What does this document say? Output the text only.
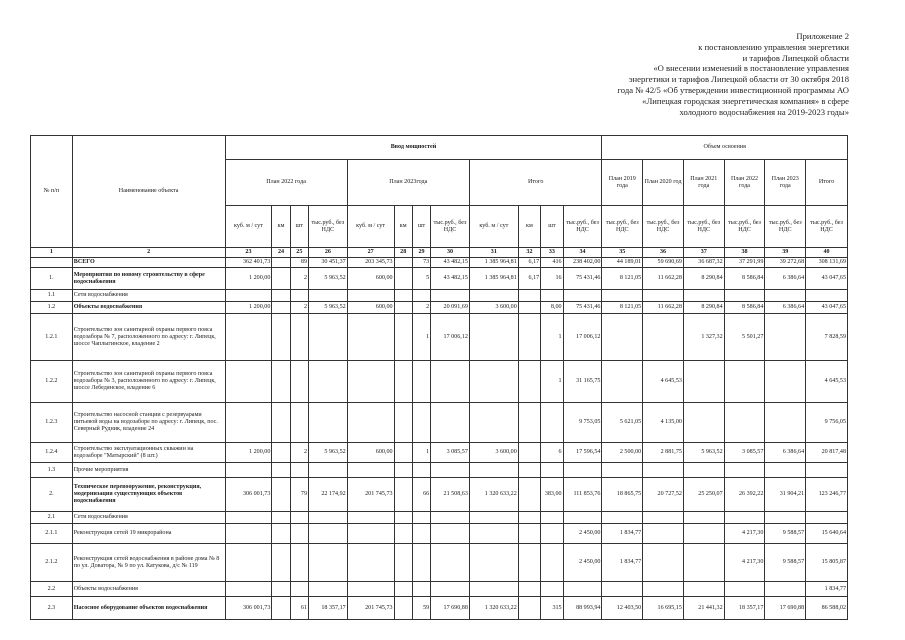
Приложение 2
к постановлению управления энергетики
и тарифов Липецкой области
«О внесении изменений в постановление управления
энергетики и тарифов Липецкой области от 30 октября 2018
года № 42/5 «Об утверждении инвестиционной программы АО
«Липецкая городская энергетическая компания» в сфере
холодного водоснабжения на 2019-2023 годы»
№ п/п	Наименование объекта	Ввод мощностей												Объем освоения					
		План 2022 года				План 2023года				Итого				План 2019 года	План 2020 год	План 2021 года	План 2022 года	План 2023 года	Итого
		куб. м / сут	км	шт	тыс.руб., без НДС	куб. м / сут	км	шт	тыс.руб., без НДС	куб. м / сут	км	шт	тыс.руб., без НДС	тыс.руб., без НДС	тыс.руб., без НДС	тыс.руб., без НДС	тыс.руб., без НДС	тыс.руб., без НДС	тыс.руб., без НДС
1	2	23	24	25	26	27	28	29	30	31	32	33	34	35	36	37	38	39	40
	ВСЕГО	362 401,73		89	30 451,37	203 345,73		73	43 482,15	1 385 964,81	6,17	416	238 402,00	44 189,01	59 690,69	36 687,32	37 291,99	39 272,68	308 131,69
1.	Мероприятия по новому строительству в сфере водоснабжения	1 200,00		2	5 963,52	600,00		5	43 482,15	1 385 964,81	6,17	16	75 431,46	8 121,05	11 662,28	8 290,84	8 586,84	6 386,64	43 047,65
1.1	Сети водоснабжения																		
1.2	Объекты водоснабжения	1 200,00		2	5 963,52	600,00		2	20 091,69	3 600,00		8,00	75 431,46	8 121,05	11 662,28	8 290,84	8 586,84	6 386,64	43 047,65
1.2.1	Строительство зон санитарной охраны первого пояса водозабора № 7, расположенного по адресу: г. Липецк, шоссе Чаплыгинское, владение 2							1	17 006,12			1	17 006,12			1 327,32	5 501,27		7 828,59
1.2.2	Строительство зон санитарной охраны первого пояса водозабора № 3, расположенного по адресу: г. Липецк, шоссе Лебедянское, владение 6											1	31 165,75		4 645,53				4 645,53
1.2.3	Строительство насосной станции с резервуарами питьевой воды на водозаборе по адресу: г. Липецк, пос. Северный Рудник, владение 24												9 753,05	5 621,05	4 135,00				9 756,05
1.2.4	Строительство эксплуатационных скважин на водозаборе "Матырский" (8 шт.)	1 200,00		2	5 963,52	600,00		1	3 085,57	3 600,00		6	17 596,54	2 500,00	2 881,75	5 963,52	3 085,57	6 386,64	20 817,48
1.3	Прочие мероприятия																		
2.	Техническое перевооружение, реконструкция, модернизация существующих объектов водоснабжения	306 001,73		79	22 174,92	201 745,73		66	21 508,63	1 320 633,22		383,00	111 853,76	18 865,75	20 727,52	25 250,07	26 392,22	31 904,21	123 246,77
2.1	Сети водоснабжения																		
2.1.1	Реконструкция сетей 19 микрорайона												2 450,00	1 834,77			4 217,30	9 588,57	15 640,64
2.1.2	Реконструкция сетей водоснабжения в районе дома № 8 по ул. Доватора, № 9 по ул. Катукова, д/с № 119												2 450,00	1 834,77			4 217,30	9 588,57	15 805,87
2.2	Объекты водоснабжения																		1 834,77
2.3	Насосное оборудование объектов водоснабжения	306 001,73		61	18 357,17	201 745,73		59	17 690,88	1 320 633,22		315	88 993,94	12 403,50	16 695,15	21 441,32	18 357,17	17 690,88	86 588,02
